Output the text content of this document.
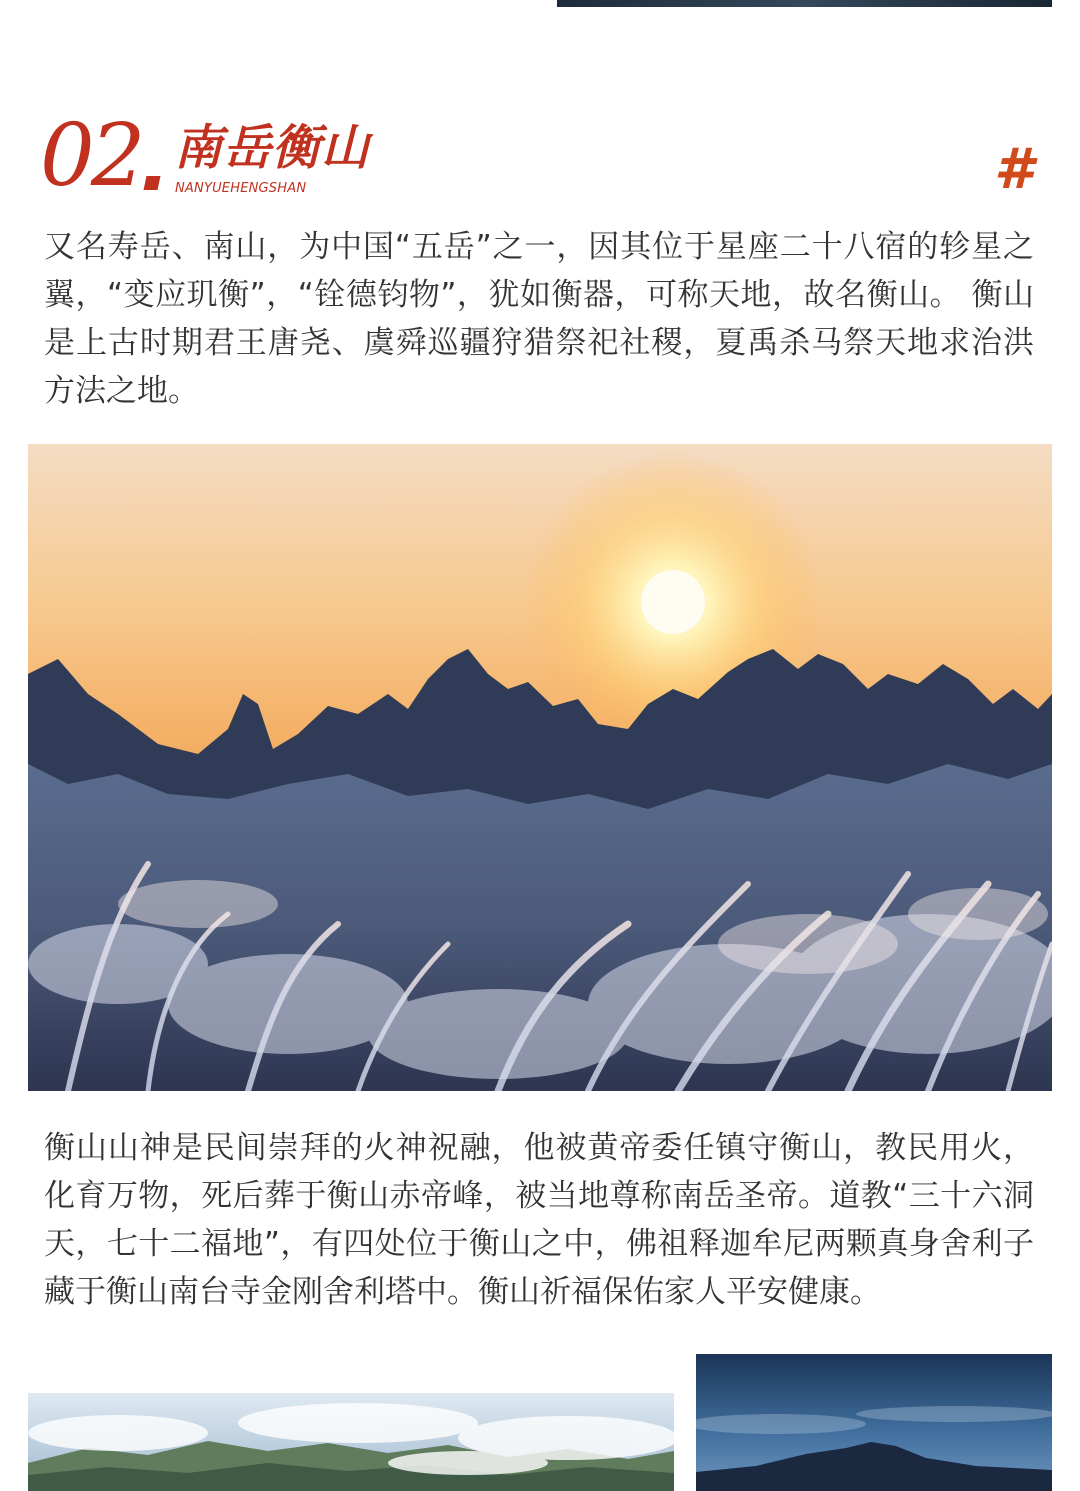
02 南岳衡山
NANYUEHENGSHAN	#

又名寿岳、南山，为中国“五岳”之一，因其位于星座二十八宿的轸星之翼，“变应玑衡”，“铨德钧物”，犹如衡器，可称天地，故名衡山。 衡山是上古时期君王唐尧、虞舜巡疆狩猎祭祀社稷，夏禹杀马祭天地求治洪方法之地。

衡山山神是民间崇拜的火神祝融，他被黄帝委任镇守衡山，教民用火，化育万物，死后葬于衡山赤帝峰，被当地尊称南岳圣帝。道教“三十六洞天，七十二福地”，有四处位于衡山之中，佛祖释迦牟尼两颗真身舍利子藏于衡山南台寺金刚舍利塔中。衡山祈福保佑家人平安健康。
